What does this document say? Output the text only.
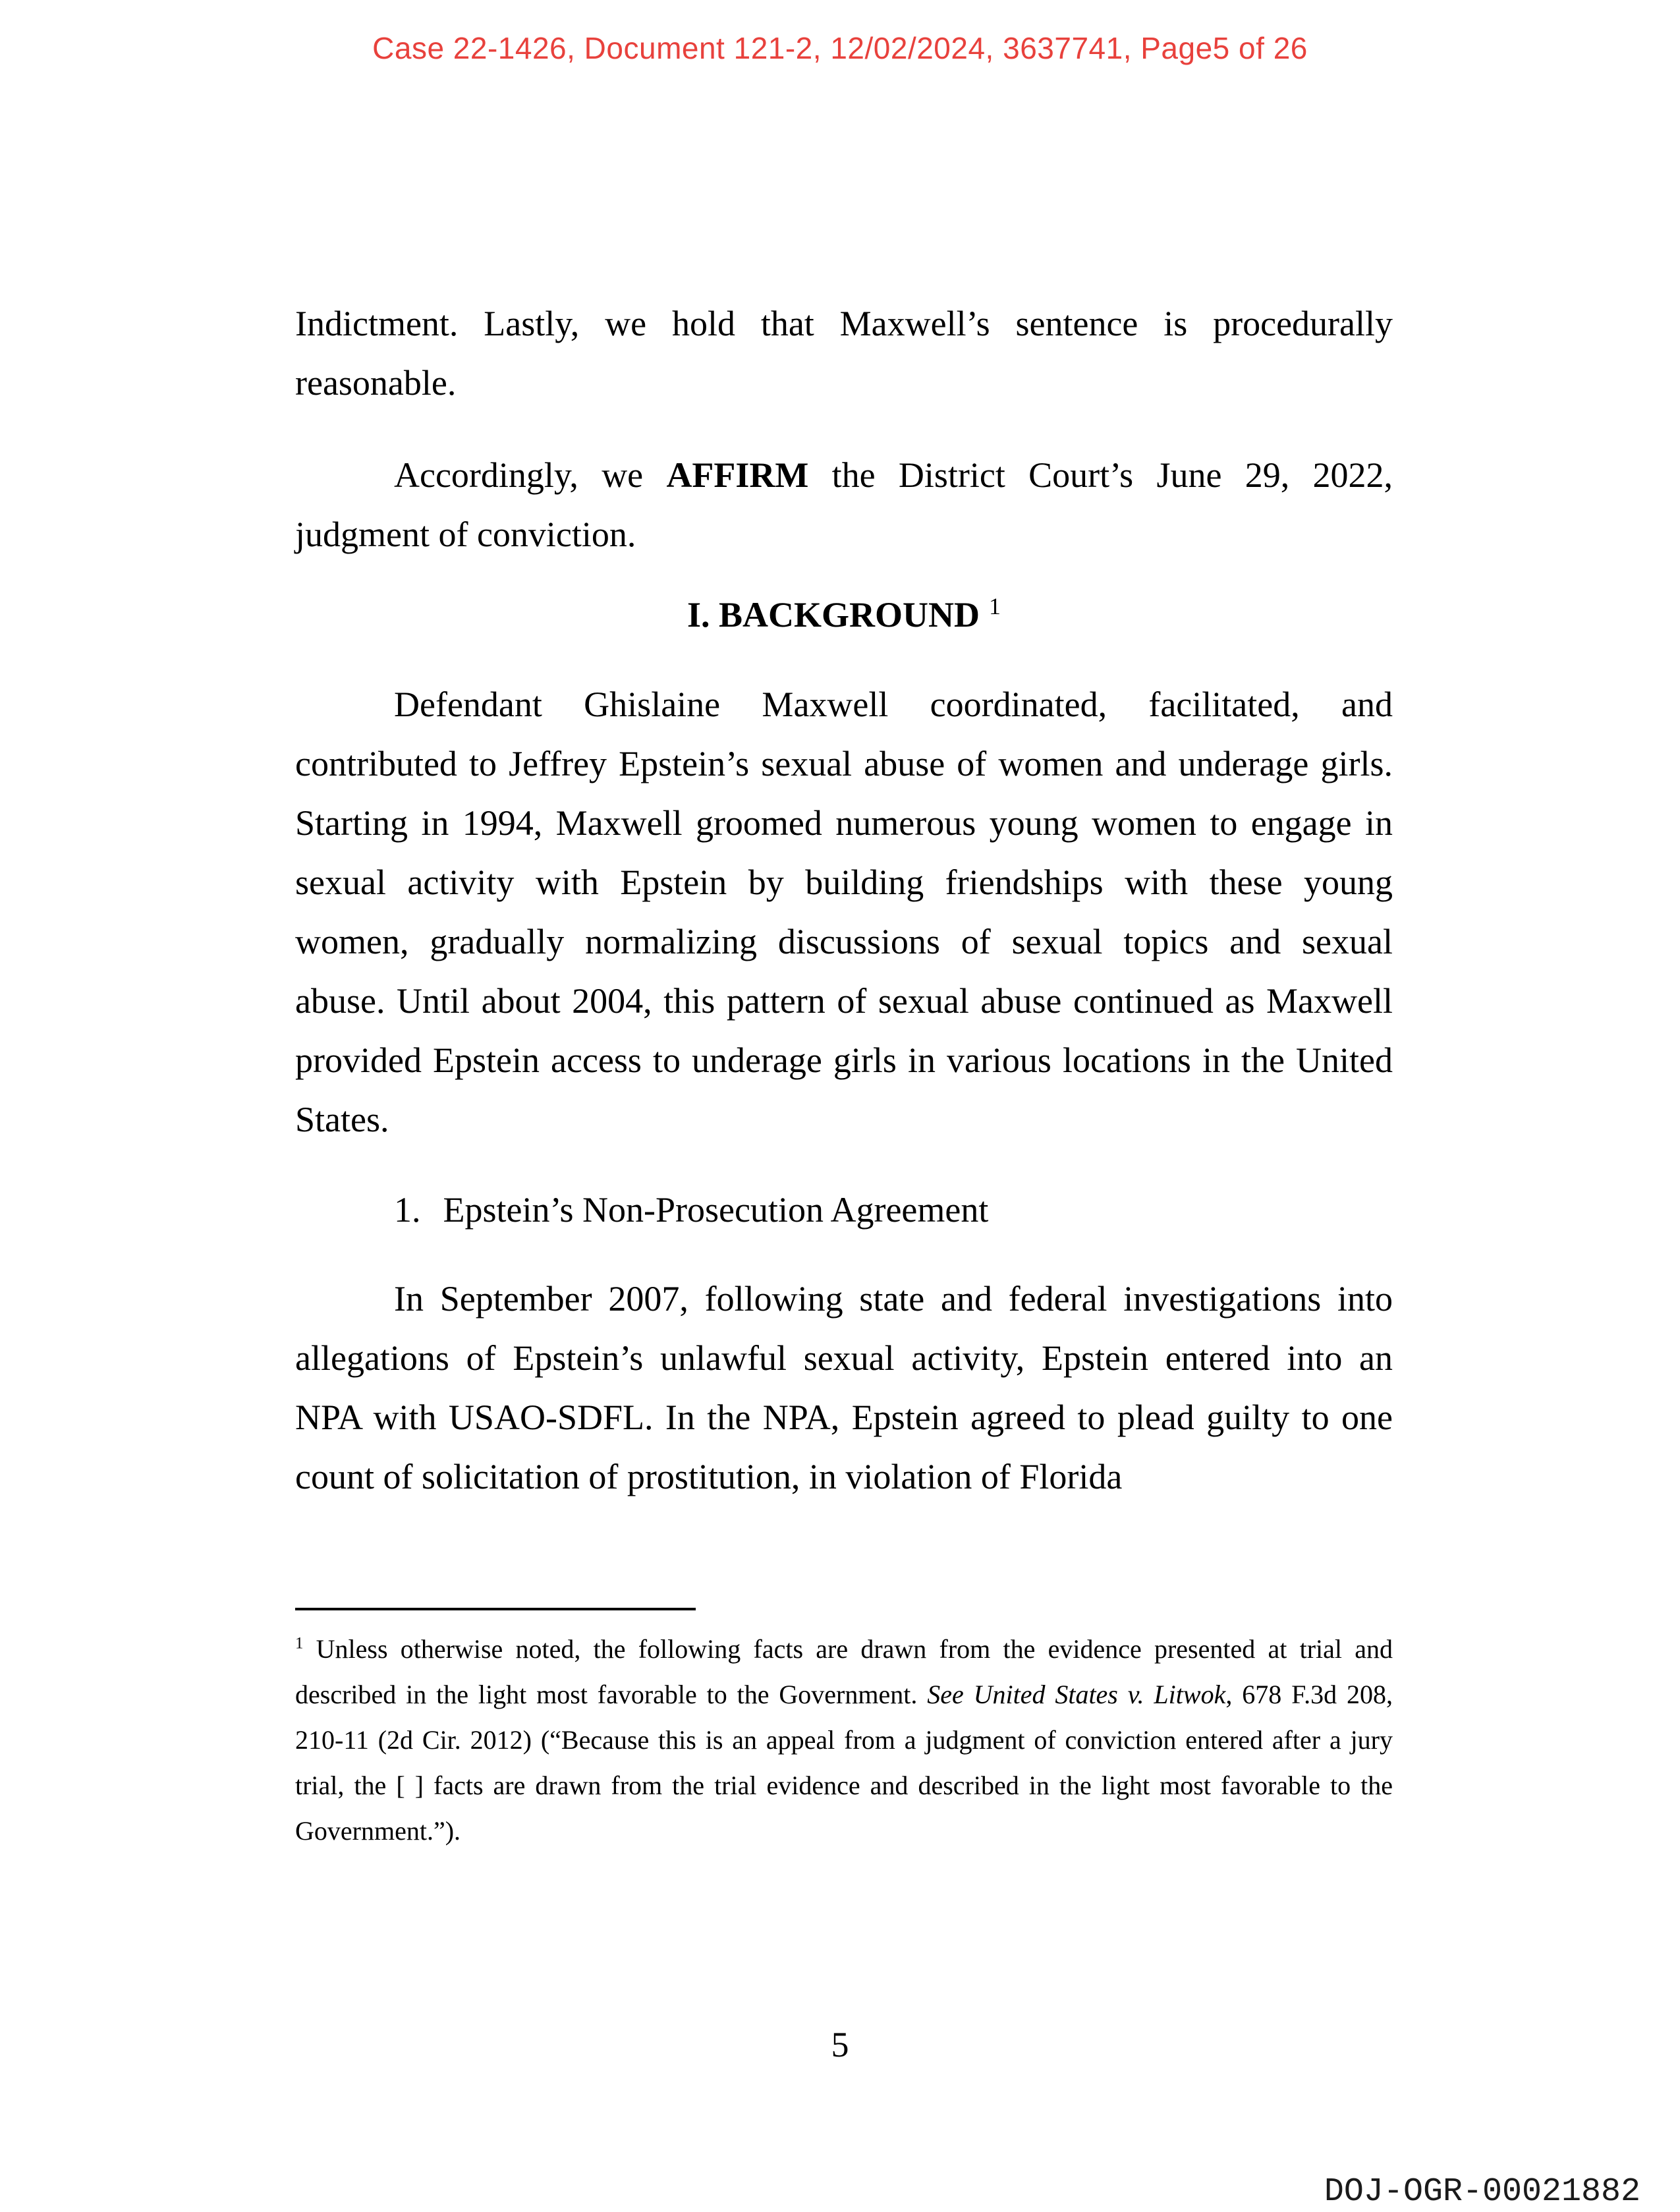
Case 22-1426, Document 121-2, 12/02/2024, 3637741, Page5 of 26
Indictment. Lastly, we hold that Maxwell’s sentence is procedurally reasonable.
Accordingly, we AFFIRM the District Court’s June 29, 2022, judgment of conviction.
I. BACKGROUND $^1$
Defendant Ghislaine Maxwell coordinated, facilitated, and contributed to Jeffrey Epstein’s sexual abuse of women and underage girls. Starting in 1994, Maxwell groomed numerous young women to engage in sexual activity with Epstein by building friendships with these young women, gradually normalizing discussions of sexual topics and sexual abuse. Until about 2004, this pattern of sexual abuse continued as Maxwell provided Epstein access to underage girls in various locations in the United States.
1. Epstein’s Non-Prosecution Agreement
In September 2007, following state and federal investigations into allegations of Epstein’s unlawful sexual activity, Epstein entered into an NPA with USAO-SDFL. In the NPA, Epstein agreed to plead guilty to one count of solicitation of prostitution, in violation of Florida
$^1$ Unless otherwise noted, the following facts are drawn from the evidence presented at trial and described in the light most favorable to the Government. See United States v. Litwok, 678 F.3d 208, 210-11 (2d Cir. 2012) (“Because this is an appeal from a judgment of conviction entered after a jury trial, the [ ] facts are drawn from the trial evidence and described in the light most favorable to the Government.”).
5
DOJ-OGR-00021882
